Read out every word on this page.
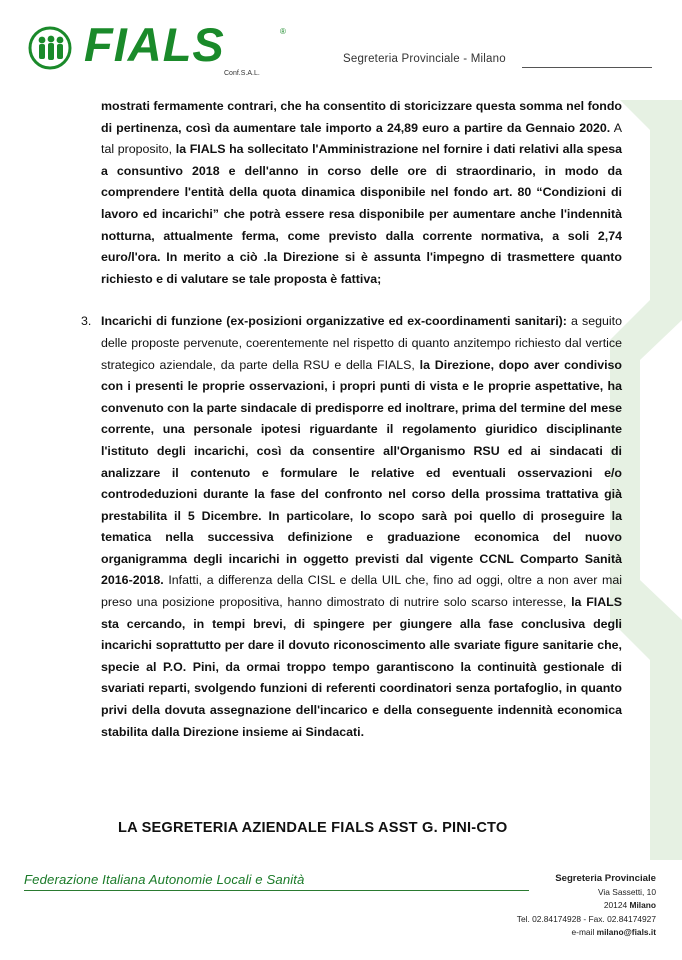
FIALS	®
Conf.S.A.L.
Segreteria Provinciale - Milano

mostrati fermamente contrari, che ha consentito di storicizzare questa somma nel fondo di pertinenza, così da aumentare tale importo a 24,89 euro a partire da Gennaio 2020. A tal proposito, la FIALS ha sollecitato l'Amministrazione nel fornire i dati relativi alla spesa a consuntivo 2018 e dell'anno in corso delle ore di straordinario, in modo da comprendere l'entità della quota dinamica disponibile nel fondo art. 80 “Condizioni di lavoro ed incarichi” che potrà essere resa disponibile per aumentare anche l'indennità notturna, attualmente ferma, come previsto dalla corrente normativa, a soli 2,74 euro/l'ora. In merito a ciò .la Direzione si è assunta l'impegno di trasmettere quanto richiesto e di valutare se tale proposta è fattiva;

3. Incarichi di funzione (ex-posizioni organizzative ed ex-coordinamenti sanitari): a seguito delle proposte pervenute, coerentemente nel rispetto di quanto anzitempo richiesto dal vertice strategico aziendale, da parte della RSU e della FIALS, la Direzione, dopo aver condiviso con i presenti le proprie osservazioni, i propri punti di vista e le proprie aspettative, ha convenuto con la parte sindacale di predisporre ed inoltrare, prima del termine del mese corrente, una personale ipotesi riguardante il regolamento giuridico disciplinante l'istituto degli incarichi, così da consentire all'Organismo RSU ed ai sindacati di analizzare il contenuto e formulare le relative ed eventuali osservazioni e/o controdeduzioni durante la fase del confronto nel corso della prossima trattativa già prestabilita il 5 Dicembre. In particolare, lo scopo sarà poi quello di proseguire la tematica nella successiva definizione e graduazione economica del nuovo organigramma degli incarichi in oggetto previsti dal vigente CCNL Comparto Sanità 2016-2018. Infatti, a differenza della CISL e della UIL che, fino ad oggi, oltre a non aver mai preso una posizione propositiva, hanno dimostrato di nutrire solo scarso interesse, la FIALS sta cercando, in tempi brevi, di spingere per giungere alla fase conclusiva degli incarichi soprattutto per dare il dovuto riconoscimento alle svariate figure sanitarie che, specie al P.O. Pini, da ormai troppo tempo garantiscono la continuità gestionale di svariati reparti, svolgendo funzioni di referenti coordinatori senza portafoglio, in quanto privi della dovuta assegnazione dell'incarico e della conseguente indennità economica stabilita dalla Direzione insieme ai Sindacati.

LA SEGRETERIA AZIENDALE FIALS ASST G. PINI-CTO
Federazione Italiana Autonomie Locali e Sanità	Segreteria Provinciale
Via Sassetti, 10
20124 Milano
Tel. 02.84174928 - Fax. 02.84174927
e-mail milano@fials.it
